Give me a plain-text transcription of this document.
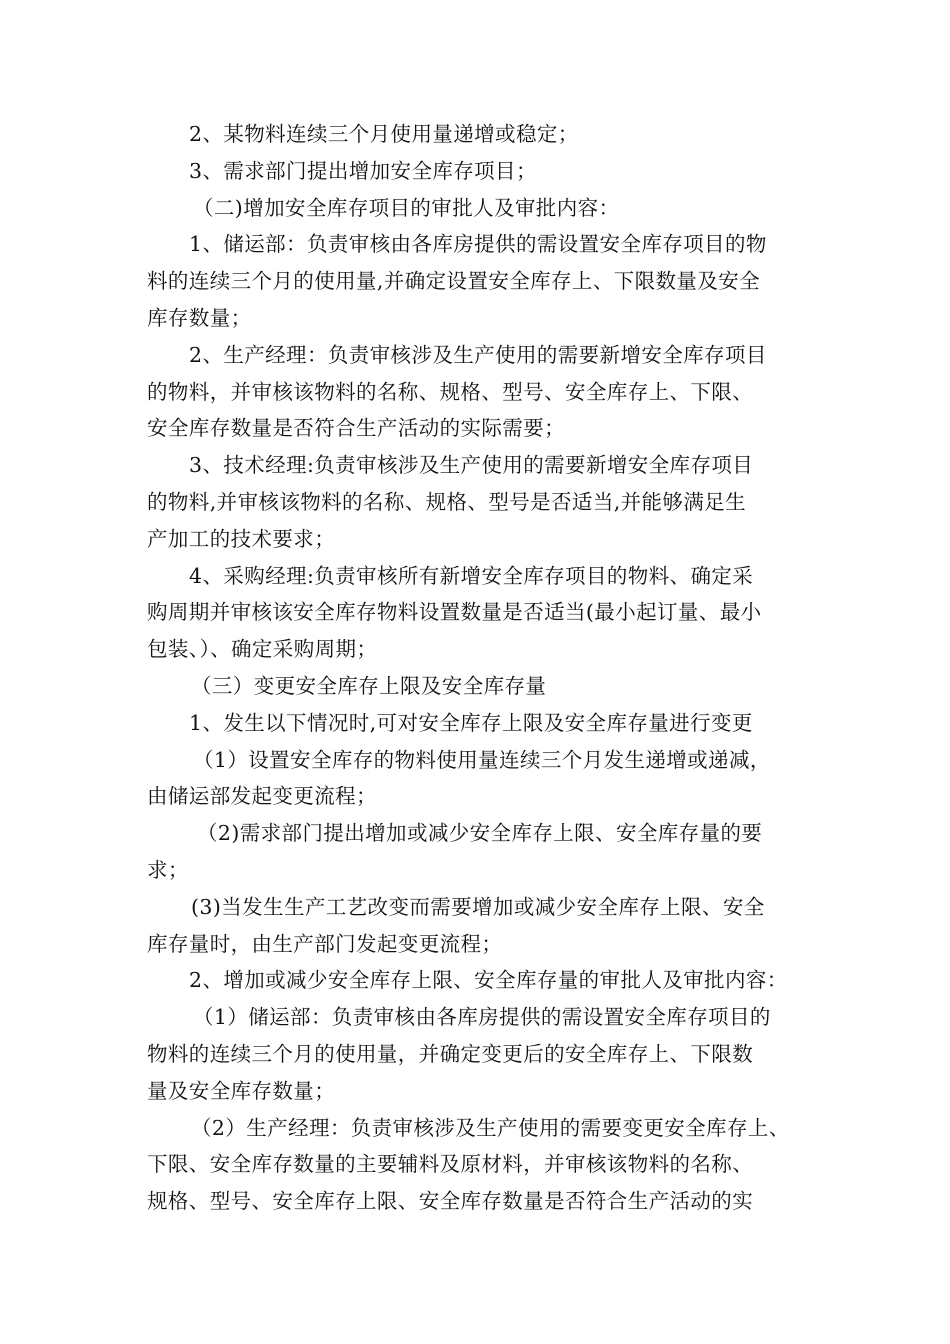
2、某物料连续三个月使用量递增或稳定；
3、需求部门提出增加安全库存项目；
（二)增加安全库存项目的审批人及审批内容：
1、储运部：负责审核由各库房提供的需设置安全库存项目的物
料的连续三个月的使用量,并确定设置安全库存上、下限数量及安全
库存数量；
2、生产经理：负责审核涉及生产使用的需要新增安全库存项目
的物料，并审核该物料的名称、规格、型号、安全库存上、下限、
安全库存数量是否符合生产活动的实际需要；
3、技术经理:负责审核涉及生产使用的需要新增安全库存项目
的物料,并审核该物料的名称、规格、型号是否适当,并能够满足生
产加工的技术要求；
4、采购经理:负责审核所有新增安全库存项目的物料、确定采
购周期并审核该安全库存物料设置数量是否适当(最小起订量、最小
包装、）、确定采购周期；
（三）变更安全库存上限及安全库存量
1、发生以下情况时,可对安全库存上限及安全库存量进行变更
（1）设置安全库存的物料使用量连续三个月发生递增或递减，
由储运部发起变更流程；
（2)需求部门提出增加或减少安全库存上限、安全库存量的要
求；
(3)当发生生产工艺改变而需要增加或减少安全库存上限、安全
库存量时，由生产部门发起变更流程；
2、增加或减少安全库存上限、安全库存量的审批人及审批内容：
（1）储运部：负责审核由各库房提供的需设置安全库存项目的
物料的连续三个月的使用量，并确定变更后的安全库存上、下限数
量及安全库存数量；
（2）生产经理：负责审核涉及生产使用的需要变更安全库存上、
下限、安全库存数量的主要辅料及原材料，并审核该物料的名称、
规格、型号、安全库存上限、安全库存数量是否符合生产活动的实
